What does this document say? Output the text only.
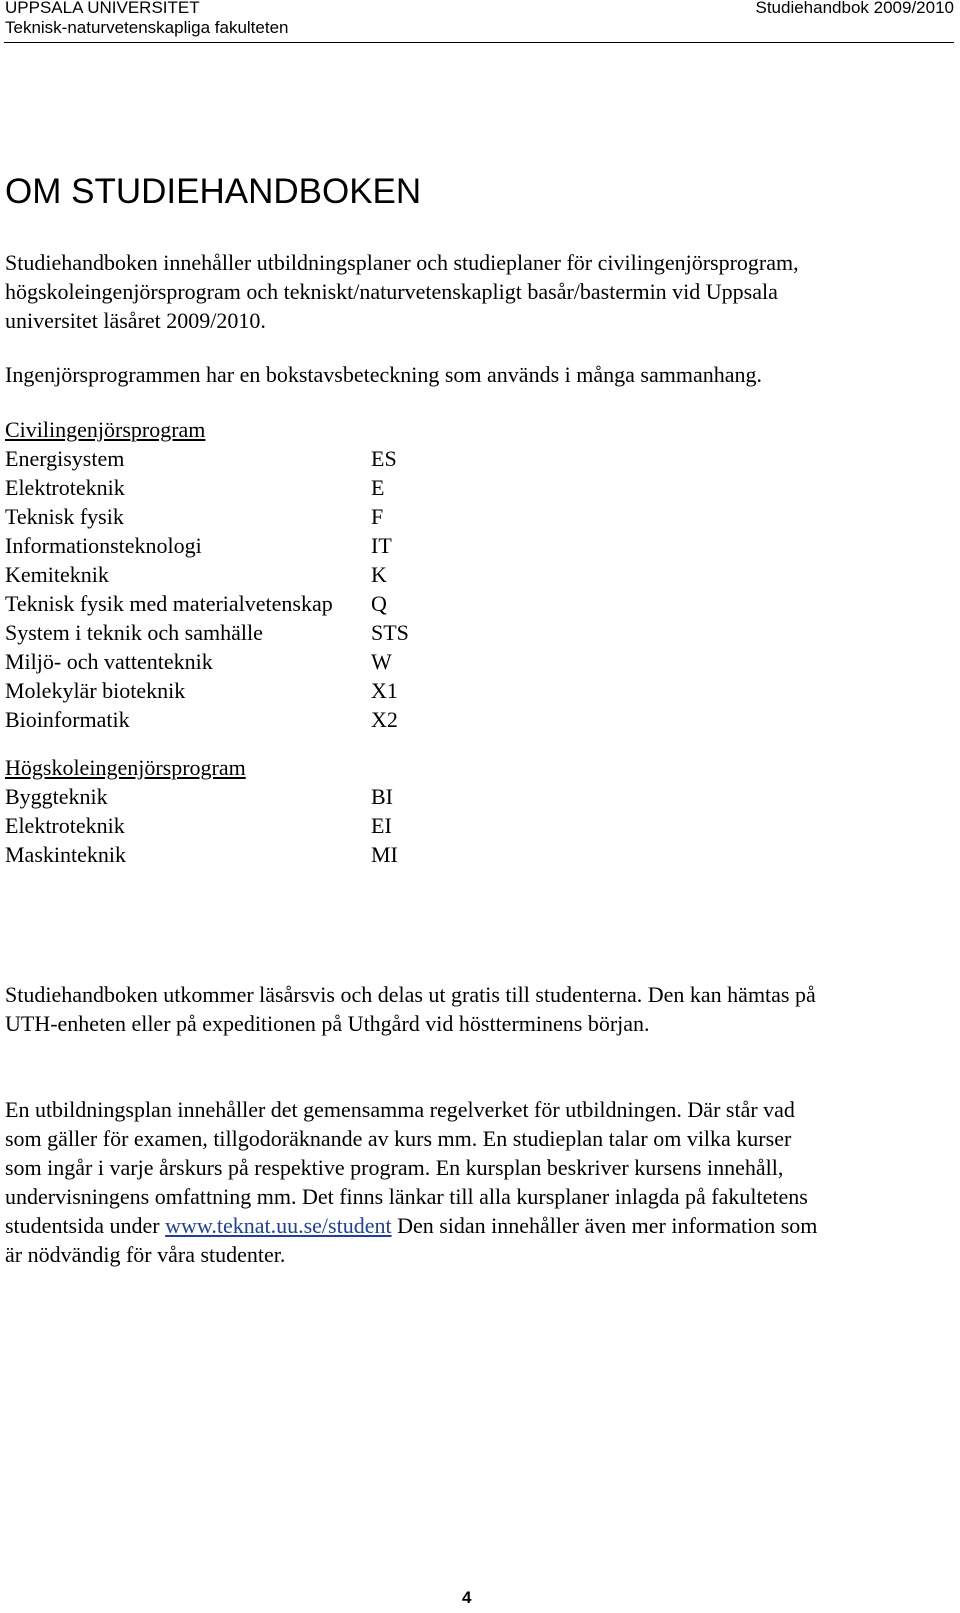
UPPSALA UNIVERSITET
Teknisk-naturvetenskapliga fakulteten
Studiehandbok 2009/2010
OM STUDIEHANDBOKEN
Studiehandboken innehåller utbildningsplaner och studieplaner för civilingenjörsprogram,
högskoleingenjörsprogram och tekniskt/naturvetenskapligt basår/bastermin vid Uppsala
universitet läsåret 2009/2010.
Ingenjörsprogrammen har en bokstavsbeteckning som används i många sammanhang.
Civilingenjörsprogram
Energisystem	ES
Elektroteknik	E
Teknisk fysik	F
Informationsteknologi	IT
Kemiteknik	K
Teknisk fysik med materialvetenskap Q
System i teknik och samhälle	STS
Miljö- och vattenteknik	W
Molekylär bioteknik	X1
Bioinformatik	X2
Högskoleingenjörsprogram
Byggteknik	BI
Elektroteknik	EI
Maskinteknik	MI
Studiehandboken utkommer läsårsvis och delas ut gratis till studenterna. Den kan hämtas på
UTH-enheten eller på expeditionen på Uthgård vid höstterminens början.
En utbildningsplan innehåller det gemensamma regelverket för utbildningen. Där står vad
som gäller för examen, tillgodoräknande av kurs mm. En studieplan talar om vilka kurser
som ingår i varje årskurs på respektive program. En kursplan beskriver kursens innehåll,
undervisningens omfattning mm. Det finns länkar till alla kursplaner inlagda på fakultetens
studentsida under www.teknat.uu.se/student Den sidan innehåller även mer information som
är nödvändig för våra studenter.
4
